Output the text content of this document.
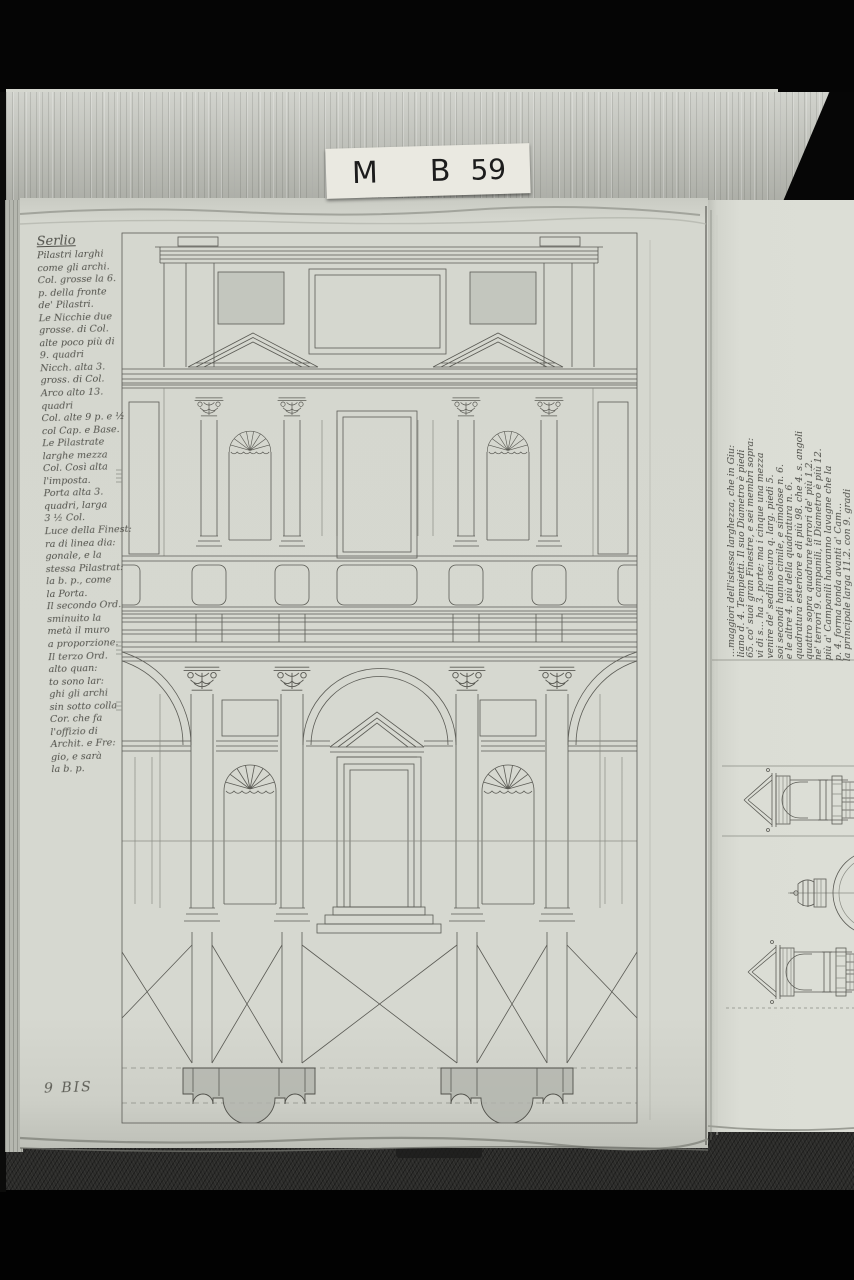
M B 59
Serlio
Pilastri larghi
come gli archi.
Col. grosse la 6.
p. della fronte
de' Pilastri.
Le Nicchie due
grosse. di Col.
alte poco più di
9. quadri
Nicch. alta 3.
gross. di Col.
Arco alto 13.
quadri
Col. alte 9 p. e ½
col Cap. e Base.
Le Pilastrate
larghe mezza
Col. Così alta
l'imposta.
Porta alta 3.
quadri, larga
3 ½ Col.
Luce della Finest:
ra di linea dia:
gonale, e la
stessa Pilastrat:
la b. p., come
la Porta.
Il secondo Ord.
sminuito la
metà il muro
a proporzione.
Il terzo Ord.
alto quan:
to sono lar:
ghi gli archi
sin sotto colla
Cor. che fa
l'offizio di
Archit. e Fre:
gio, e sarà
la b. p.
9 BIS
…maggiori dell'istessa larghezza, che in Giu:
liano d. 4. Tempietti. Il suo Diametro è piedi
65. co' suoi gran Finestre, e sei membri sopra:
vi di s… ha 3. porte; ma i cinque una mezza
venire de' sedili oscuro q. larg. piedi 5.
soi secondi hanno cimile, e simolose n. 6.
e le altre 4. più della quadratura n. 6.
quadratura esteriore e di più 98. che 4. s. angoli
quattro sopra quadrare terrori de' più 1.2.
ne' terrori 9. campanili, il Diametro è più 12.
più a' Campanili havranno lavagne che la
p. 4. forma tonda avanti a' Cam…
la principale larga 11.2. con 9. gradi
